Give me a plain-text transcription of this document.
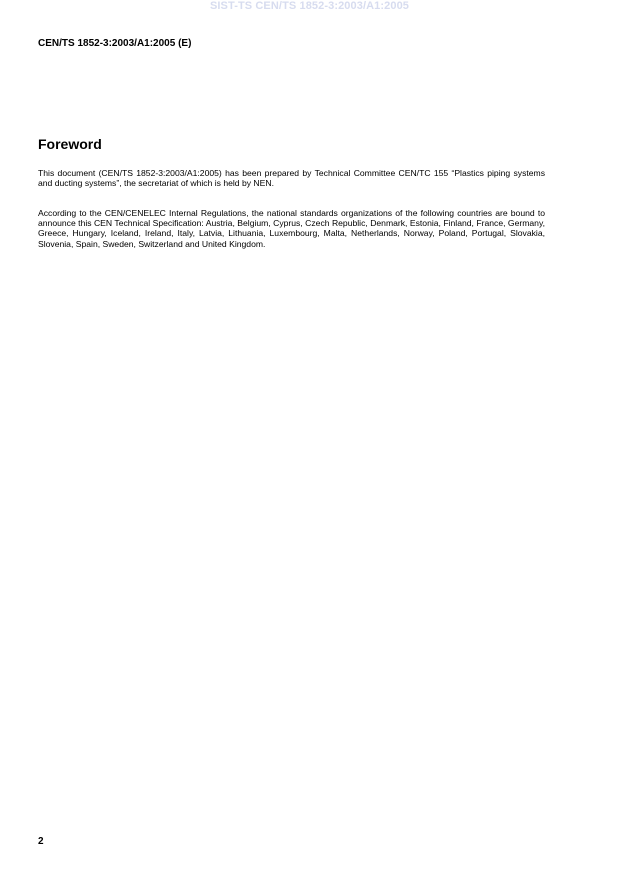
SIST-TS CEN/TS 1852-3:2003/A1:2005
CEN/TS 1852-3:2003/A1:2005 (E)
Foreword

This document (CEN/TS 1852-3:2003/A1:2005) has been prepared by Technical Committee CEN/TC 155 “Plastics piping systems and ducting systems”, the secretariat of which is held by NEN.

According to the CEN/CENELEC Internal Regulations, the national standards organizations of the following countries are bound to announce this CEN Technical Specification: Austria, Belgium, Cyprus, Czech Republic, Denmark, Estonia, Finland, France, Germany, Greece, Hungary, Iceland, Ireland, Italy, Latvia, Lithuania, Luxembourg, Malta, Netherlands, Norway, Poland, Portugal, Slovakia, Slovenia, Spain, Sweden, Switzerland and United Kingdom.

2
